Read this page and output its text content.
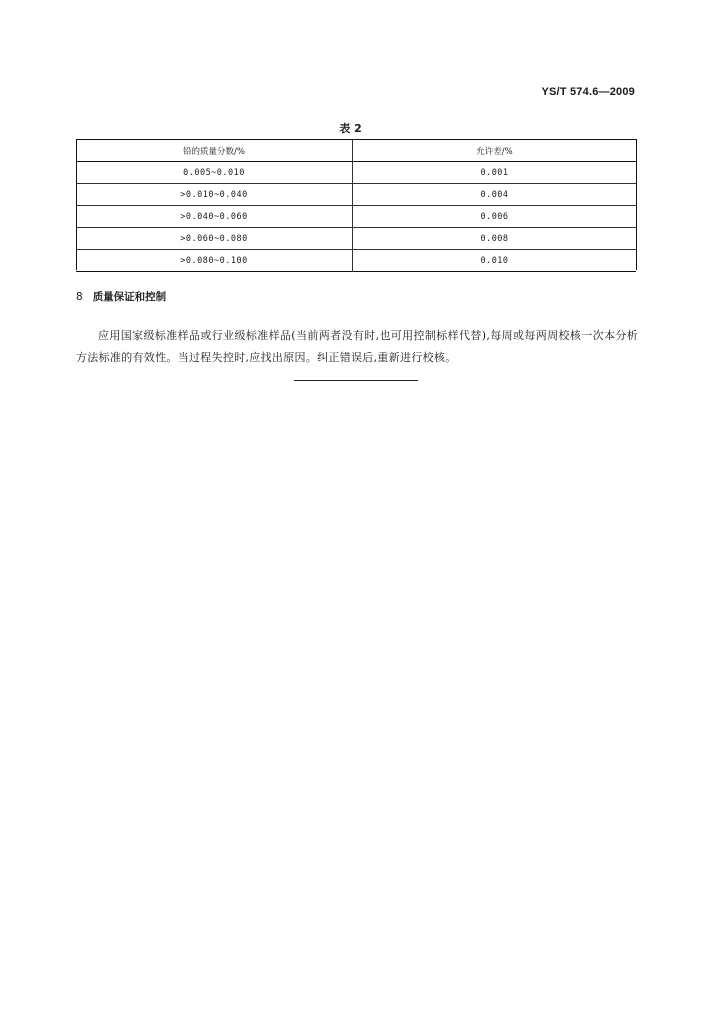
YS/T 574.6—2009
表 2
铅的质量分数/%	允许差/%
0.005~0.010	0.001
>0.010~0.040	0.004
>0.040~0.060	0.006
>0.060~0.080	0.008
>0.080~0.100	0.010
8 质量保证和控制

应用国家级标准样品或行业级标准样品(当前两者没有时,也可用控制标样代替),每周或每两周校核一次本分析方法标准的有效性。当过程失控时,应找出原因。纠正错误后,重新进行校核。
